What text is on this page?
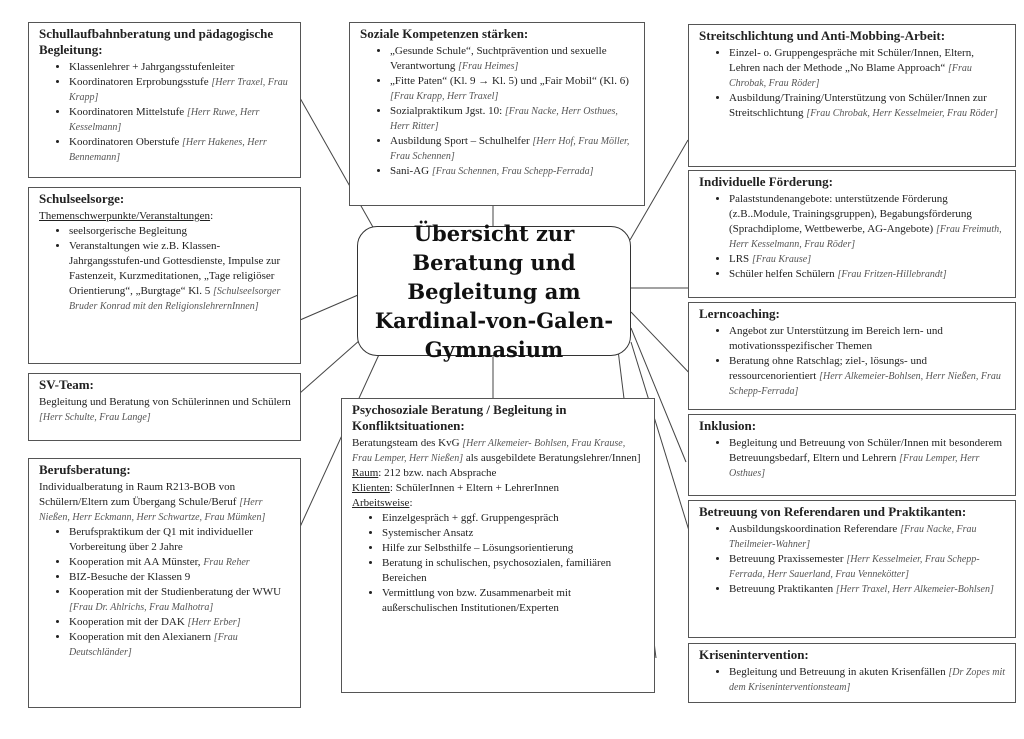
Übersicht zur Beratung und Begleitung am Kardinal-von-Galen-Gymnasium
Schullaufbahnberatung und pädagogische Begleitung:
• Klassenlehrer + Jahrgangsstufenleiter
• Koordinatoren Erprobungsstufe [Herr Traxel, Frau Krapp]
• Koordinatoren Mittelstufe [Herr Ruwe, Herr Kesselmann]
• Koordinatoren Oberstufe [Herr Hakenes, Herr Bennemann]
Soziale Kompetenzen stärken:
• „Gesunde Schule“, Suchtprävention und sexuelle Verantwortung [Frau Heimes]
• „Fitte Paten“ (Kl. 9 → Kl. 5) und „Fair Mobil“ (Kl. 6) [Frau Krapp, Herr Traxel]
• Sozialpraktikum Jgst. 10: [Frau Nacke, Herr Osthues, Herr Ritter]
• Ausbildung Sport – Schulhelfer [Herr Hof, Frau Möller, Frau Schennen]
• Sani-AG [Frau Schennen, Frau Schepp-Ferrada]
Streitschlichtung und Anti-Mobbing-Arbeit:
• Einzel- o. Gruppengespräche mit Schüler/Innen, Eltern, Lehren nach der Methode „No Blame Approach“ [Frau Chrobak, Frau Röder]
• Ausbildung/Training/Unterstützung von Schüler/Innen zur Streitschlichtung [Frau Chrobak, Herr Kesselmeier, Frau Röder]
Schulseelsorge:

Themenschwerpunkte/Veranstaltungen:

• seelsorgerische Begleitung
• Veranstaltungen wie z.B. Klassen-Jahrgangsstufen-und Gottesdienste, Impulse zur Fastenzeit, Kurzmeditationen, „Tage religiöser Orientierung“, „Burgtage“ Kl. 5 [Schulseelsorger Bruder Konrad mit den ReligionslehrernInnen]
Individuelle Förderung:
• Palaststundenangebote: unterstützende Förderung (z.B..Module, Trainingsgruppen), Begabungsförderung (Sprachdiplome, Wettbewerbe, AG-Angebote) [Frau Freimuth, Herr Kesselmann, Frau Röder]
• LRS [Frau Krause]
• Schüler helfen Schülern [Frau Fritzen-Hillebrandt]
Lerncoaching:
• Angebot zur Unterstützung im Bereich lern- und motivationsspezifischer Themen
• Beratung ohne Ratschlag; ziel-, lösungs- und ressourcenorientiert [Herr Alkemeier-Bohlsen, Herr Nießen, Frau Schepp-Ferrada]
SV-Team:

Begleitung und Beratung von Schülerinnen und Schülern [Herr Schulte, Frau Lange]

Inklusion:
• Begleitung und Betreuung von Schüler/Innen mit besonderem Betreuungsbedarf, Eltern und Lehrern [Frau Lemper, Herr Osthues]
Berufsberatung:

Individualberatung in Raum R213-BOB von Schülern/Eltern zum Übergang Schule/Beruf [Herr Nießen, Herr Eckmann, Herr Schwartze, Frau Mümken]

• Berufspraktikum der Q1 mit individueller Vorbereitung über 2 Jahre
• Kooperation mit AA Münster, Frau Reher
• BIZ-Besuche der Klassen 9
• Kooperation mit der Studienberatung der WWU [Frau Dr. Ahlrichs, Frau Malhotra]
• Kooperation mit der DAK [Herr Erber]
• Kooperation mit den Alexianern [Frau Deutschländer]
Psychosoziale Beratung / Begleitung in Konfliktsituationen:

Beratungsteam des KvG [Herr Alkemeier- Bohlsen, Frau Krause, Frau Lemper, Herr Nießen] als ausgebildete Beratungslehrer/Innen]

Raum: 212 bzw. nach Absprache

Klienten: SchülerInnen + Eltern + LehrerInnen

Arbeitsweise:

• Einzelgespräch + ggf. Gruppengespräch
• Systemischer Ansatz
• Hilfe zur Selbsthilfe – Lösungsorientierung
• Beratung in schulischen, psychosozialen, familiären Bereichen
• Vermittlung von bzw. Zusammenarbeit mit außerschulischen Institutionen/Experten
Betreuung von Referendaren und Praktikanten:
• Ausbildungskoordination Referendare [Frau Nacke, Frau Theilmeier-Wahner]
• Betreuung Praxissemester [Herr Kesselmeier, Frau Schepp-Ferrada, Herr Sauerland, Frau Vennekötter]
• Betreuung Praktikanten [Herr Traxel, Herr Alkemeier-Bohlsen]
Krisenintervention:
• Begleitung und Betreuung in akuten Krisenfällen [Dr Zopes mit dem Kriseninterventionsteam]
